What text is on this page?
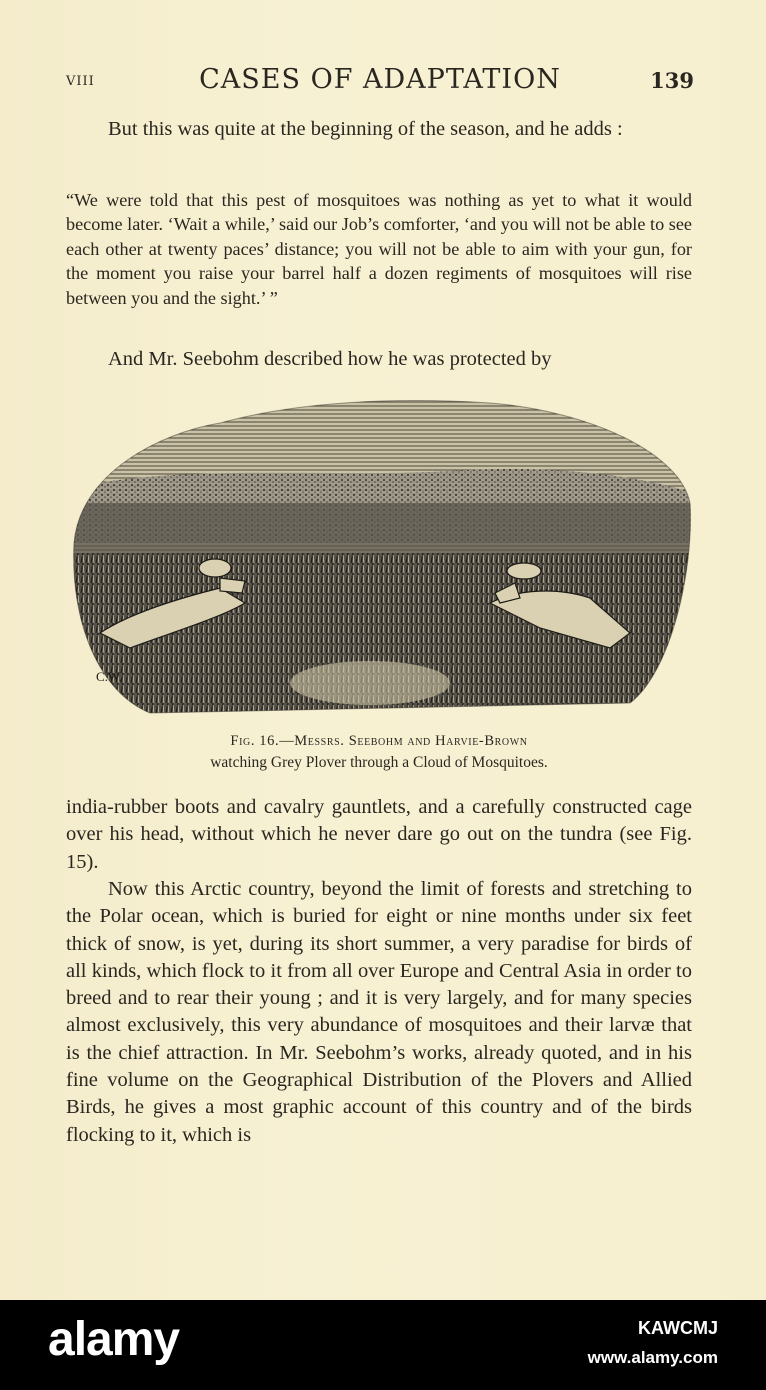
VIII	CASES OF ADAPTATION	139
But this was quite at the beginning of the season, and he adds :
“We were told that this pest of mosquitoes was nothing as yet to what it would become later. ‘Wait a while,’ said our Job’s comforter, ‘and you will not be able to see each other at twenty paces’ distance; you will not be able to aim with your gun, for the moment you raise your barrel half a dozen regiments of mosquitoes will rise between you and the sight.’ ”
And Mr. Seebohm described how he was protected by
C.W.
Fig. 16.—Messrs. Seebohm and Harvie-Brown
watching Grey Plover through a Cloud of Mosquitoes.
india-rubber boots and cavalry gauntlets, and a carefully constructed cage over his head, without which he never dare go out on the tundra (see Fig. 15).
Now this Arctic country, beyond the limit of forests and stretching to the Polar ocean, which is buried for eight or nine months under six feet thick of snow, is yet, during its short summer, a very paradise for birds of all kinds, which flock to it from all over Europe and Central Asia in order to breed and to rear their young ; and it is very largely, and for many species almost exclusively, this very abundance of mosquitoes and their larvæ that is the chief attraction. In Mr. Seebohm’s works, already quoted, and in his fine volume on the Geographical Distribution of the Plovers and Allied Birds, he gives a most graphic account of this country and of the birds flocking to it, which is
alamy	KAWCMJ
www.alamy.com
